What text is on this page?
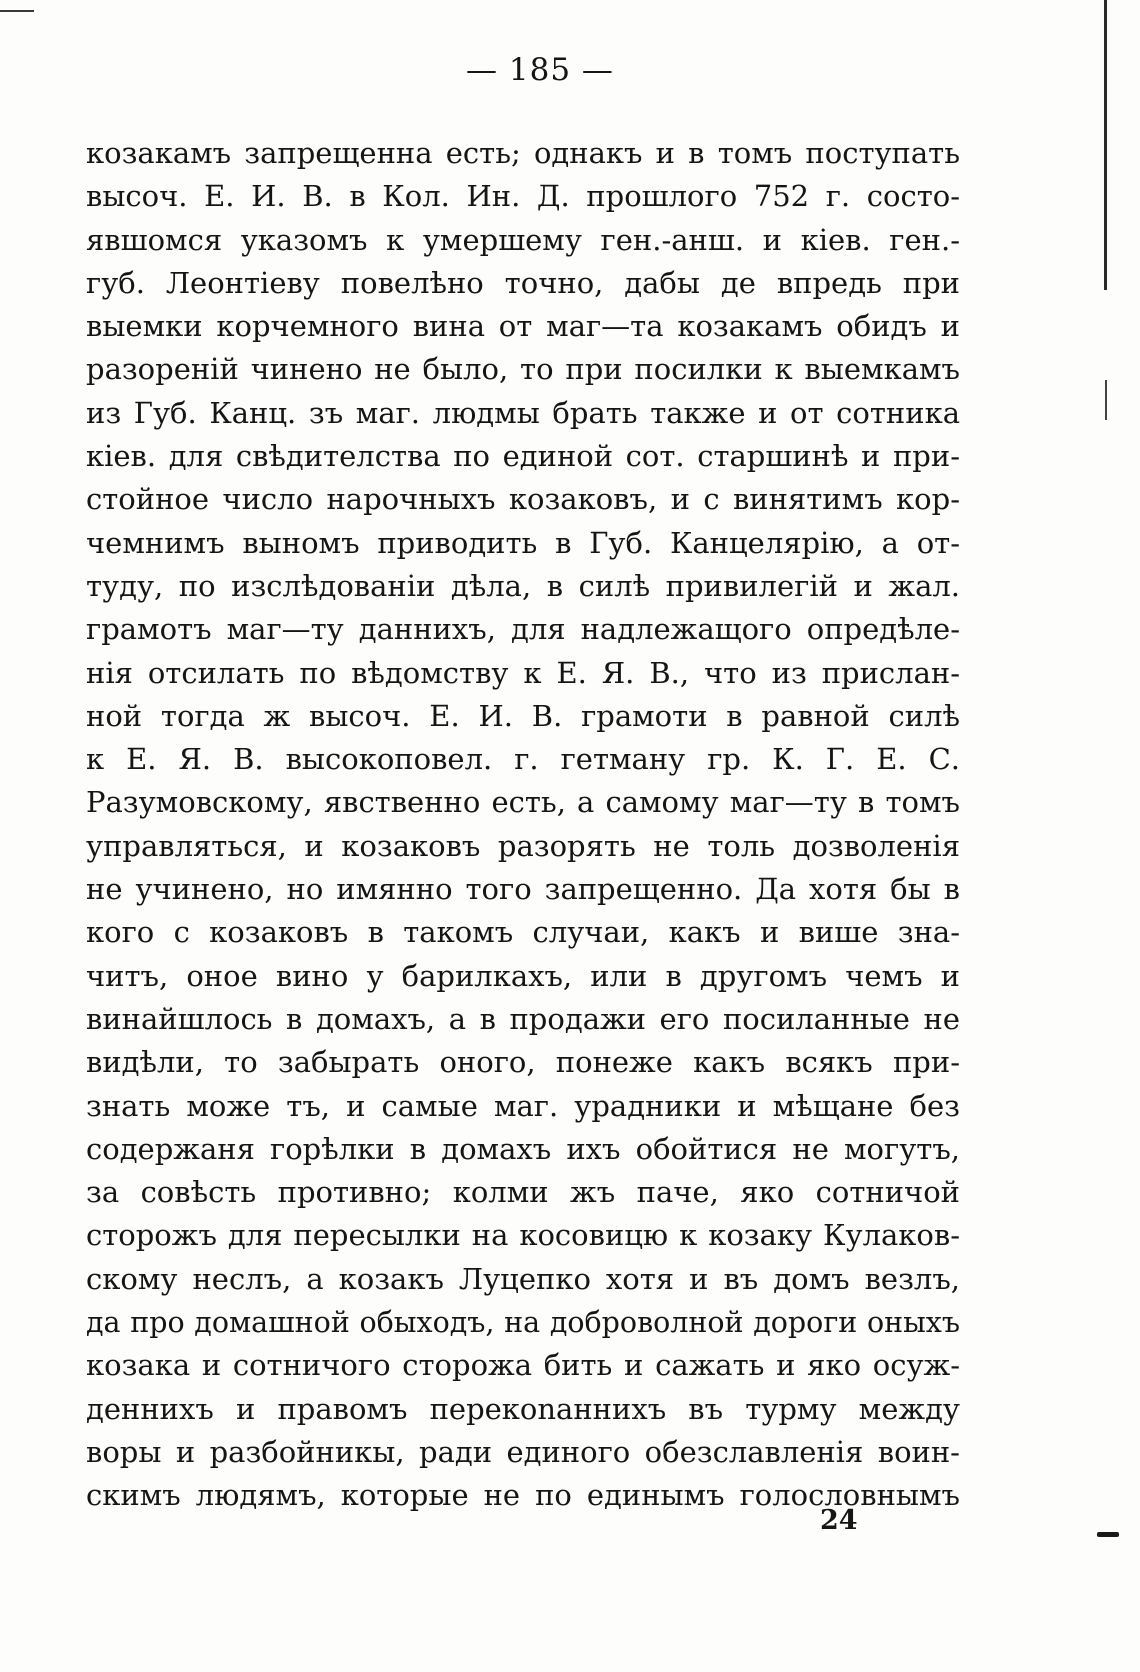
— 185 —
козакамъ запрещенна есть; однакъ и в томъ поступать
высоч. Е. И. В. в Кол. Ин. Д. прошлого 752 г. состо-
явшомся указомъ к умершему ген.-анш. и кіев. ген.-
губ. Леонтіеву повелѣно точно, дабы де впредь при
выемки корчемного вина от маг—та козакамъ обидъ и
разореній чинено не было, то при посилки к выемкамъ
из Губ. Канц. зъ маг. людмы брать также и от сотника
кіев. для свѣдителства по единой сот. старшинѣ и при-
стойное число нарочныхъ козаковъ, и с винятимъ кор-
чемнимъ выномъ приводить в Губ. Канцелярію, а от-
туду, по изслѣдованіи дѣла, в силѣ привилегій и жал.
грамотъ маг—ту даннихъ, для надлежащого опредѣле-
нія отсилать по вѣдомству к Е. Я. В., что из прислан-
ной тогда ж высоч. Е. И. В. грамоти в равной силѣ
к Е. Я. В. высокоповел. г. гетману гр. К. Г. Е. С.
Разумовскому, явственно есть, а самому маг—ту в томъ
управляться, и козаковъ разорять не толь дозволенія
не учинено, но имянно того запрещенно. Да хотя бы в
кого с козаковъ в такомъ случаи, какъ и више зна-
читъ, оное вино у барилкахъ, или в другомъ чемъ и
винайшлось в домахъ, а в продажи его посиланные не
видѣли, то забырать оного, понеже какъ всякъ при-
знать може тъ, и самые маг. урадники и мѣщане без
содержаня горѣлки в домахъ ихъ обойтися не могутъ,
за совѣсть противно; колми жъ паче, яко сотничой
сторожъ для пересылки на косовицю к козаку Кулаков-
скому неслъ, а козакъ Луцепко хотя и въ домъ везлъ,
да про домашной обыходъ, на доброволной дороги оныхъ
козака и сотничого сторожа бить и сажать и яко осуж-
деннихъ и правомъ перекonаннихъ въ турму между
воры и разбойникы, ради единого обезславленія воин-
скимъ людямъ, которые не по единымъ голословнымъ
24
